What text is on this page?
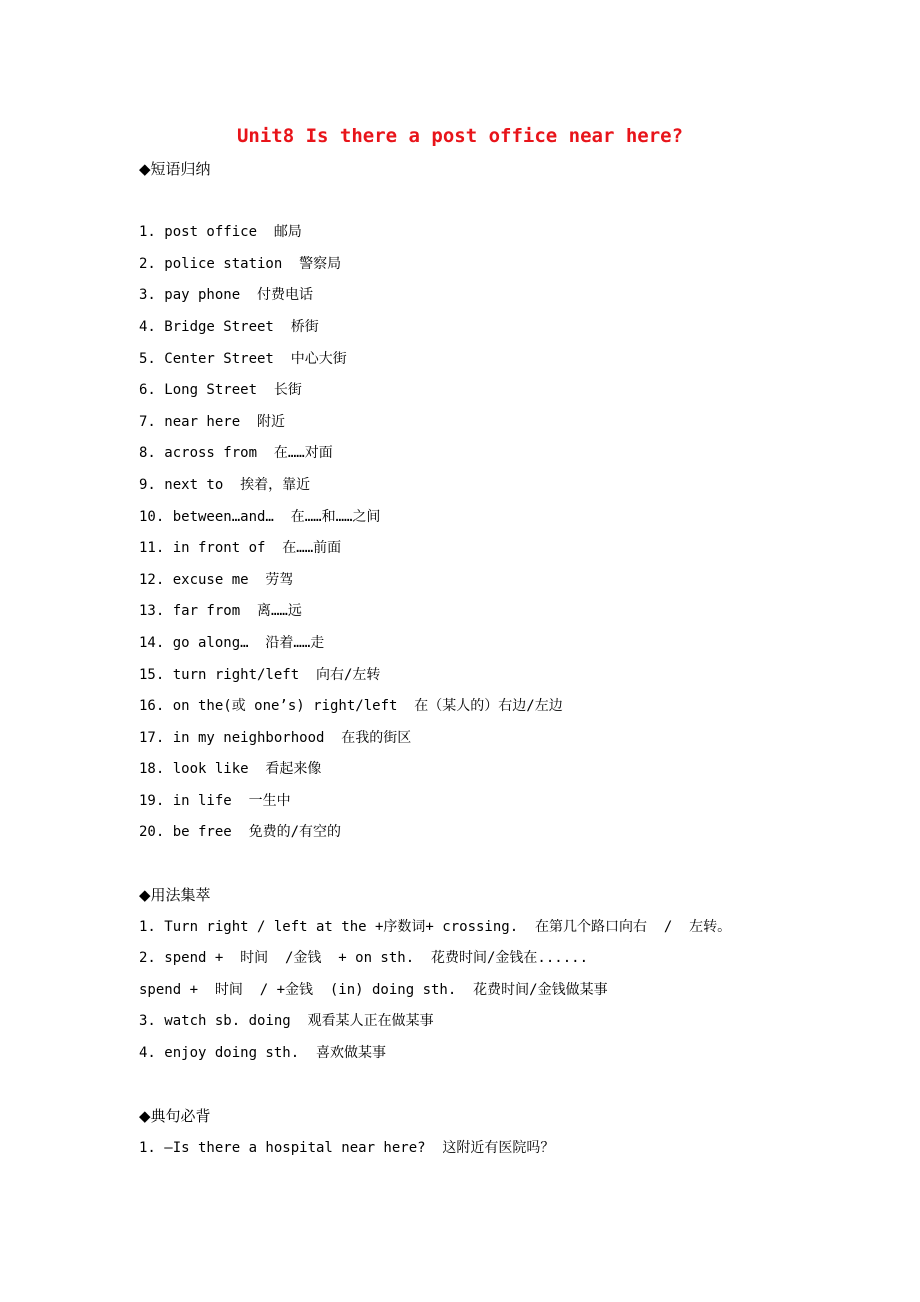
Unit8 Is there a post office near here?
◆短语归纳
1. post office  邮局
2. police station  警察局
3. pay phone  付费电话
4. Bridge Street  桥街
5. Center Street  中心大街
6. Long Street  长街
7. near here  附近
8. across from  在……对面
9. next to  挨着，靠近
10. between…and…  在……和……之间
11. in front of  在……前面
12. excuse me  劳驾
13. far from  离……远
14. go along…  沿着……走
15. turn right/left  向右/左转
16. on the(或 one’s) right/left  在（某人的）右边/左边
17. in my neighborhood  在我的街区
18. look like  看起来像
19. in life  一生中
20. be free  免费的/有空的
◆用法集萃
1. Turn right / left at the +序数词+ crossing.  在第几个路口向右  /  左转。
2. spend +  时间  /金钱  + on sth.  花费时间/金钱在......
spend +  时间  / +金钱  (in) doing sth.  花费时间/金钱做某事
3. watch sb. doing  观看某人正在做某事
4. enjoy doing sth.  喜欢做某事
◆典句必背
1. —Is there a hospital near here?  这附近有医院吗？
